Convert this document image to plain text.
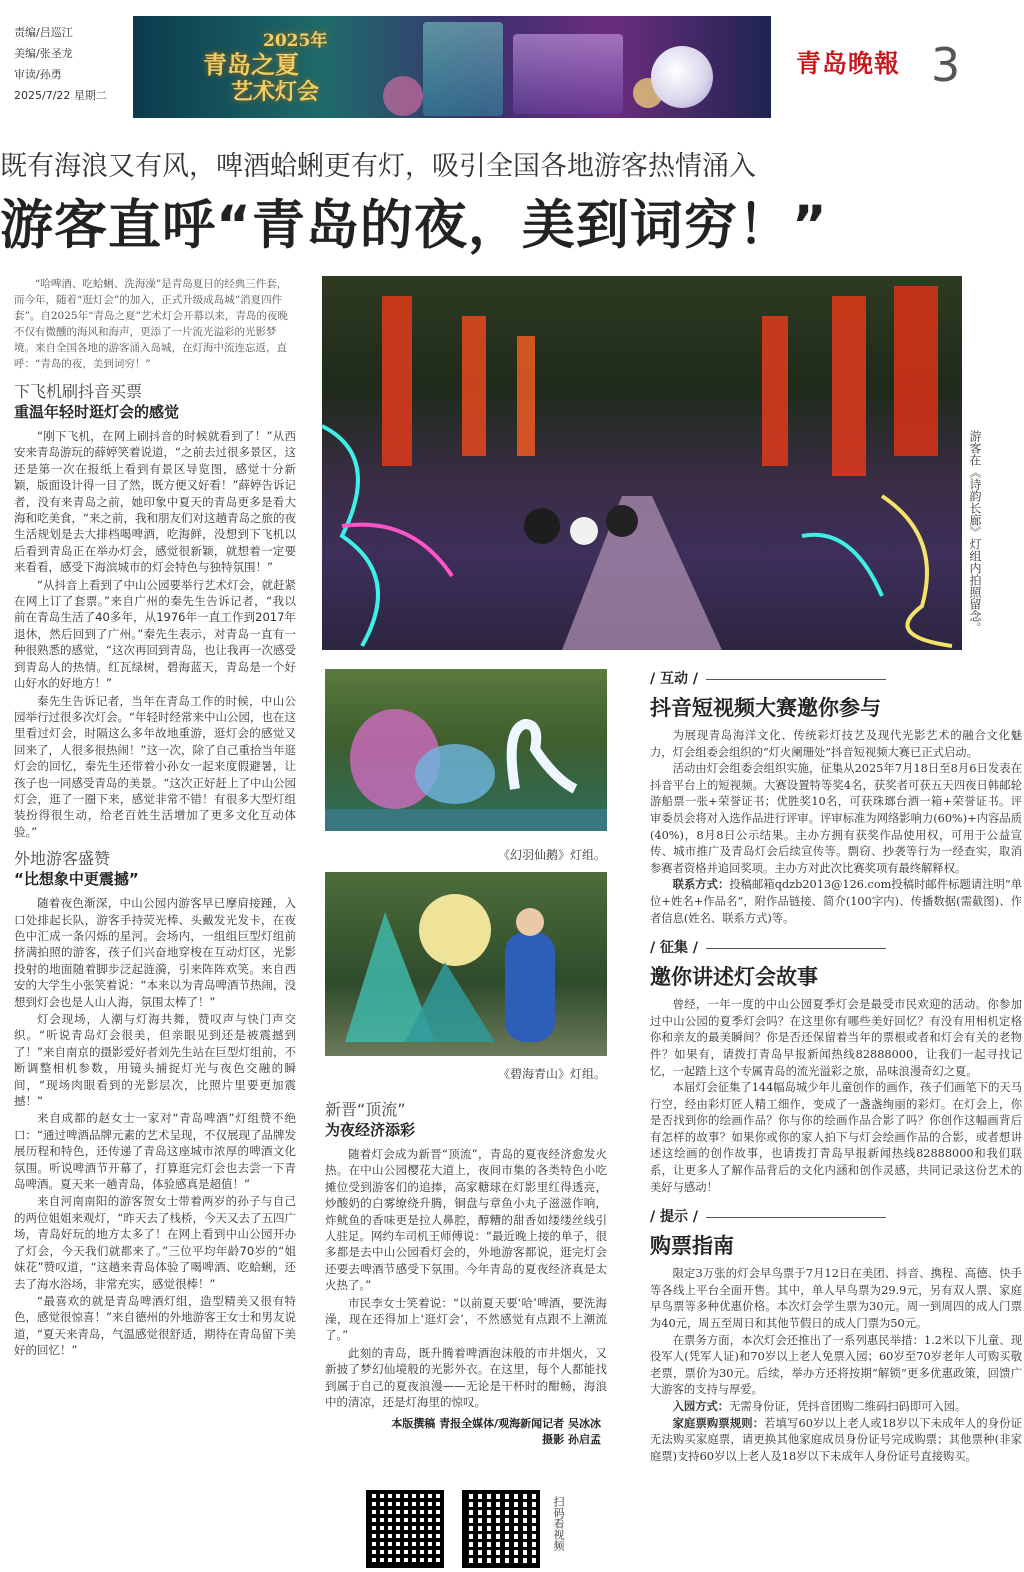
责编/吕巡江
美编/张圣龙
审读/孙勇
2025/7/22 星期二
2025年
青岛之夏
艺术灯会
青岛晚報 3
既有海浪又有风，啤酒蛤蜊更有灯，吸引全国各地游客热情涌入
游客直呼“青岛的夜，美到词穷！”

“哈啤酒、吃蛤蜊、洗海澡”是青岛夏日的经典三件套，而今年，随着“逛灯会”的加入，正式升级成岛城“消夏四件套”。自2025年“青岛之夏”艺术灯会开幕以来，青岛的夜晚不仅有微醺的海风和海声，更添了一片流光溢彩的光影梦境。来自全国各地的游客涌入岛城，在灯海中流连忘返，直呼：“青岛的夜，美到词穷！”

下飞机刷抖音买票
重温年轻时逛灯会的感觉

“刚下飞机，在网上刷抖音的时候就看到了！”从西安来青岛游玩的薛婷笑着说道，“之前去过很多景区，这还是第一次在报纸上看到有景区导览图，感觉十分新颖，版面设计得一目了然，既方便又好看！”薛婷告诉记者，没有来青岛之前，她印象中夏天的青岛更多是看大海和吃美食，“来之前，我和朋友们对这趟青岛之旅的夜生活规划是去大排档喝啤酒，吃海鲜，没想到下飞机以后看到青岛正在举办灯会，感觉很新颖，就想着一定要来看看，感受下海滨城市的灯会特色与独特氛围！”

“从抖音上看到了中山公园要举行艺术灯会，就赶紧在网上订了套票。”来自广州的秦先生告诉记者，“我以前在青岛生活了40多年，从1976年一直工作到2017年退休，然后回到了广州。”秦先生表示，对青岛一直有一种很熟悉的感觉，“这次再回到青岛，也让我再一次感受到青岛人的热情。红瓦绿树，碧海蓝天，青岛是一个好山好水的好地方！”

秦先生告诉记者，当年在青岛工作的时候，中山公园举行过很多次灯会。“年轻时经常来中山公园，也在这里看过灯会，时隔这么多年故地重游，逛灯会的感觉又回来了，人很多很热闹！”这一次，除了自己重拾当年逛灯会的回忆，秦先生还带着小孙女一起来度假避暑，让孩子也一同感受青岛的美景。“这次正好赶上了中山公园灯会，逛了一圈下来，感觉非常不错！有很多大型灯组装扮得很生动，给老百姓生活增加了更多文化互动体验。”

外地游客盛赞
“比想象中更震撼”

随着夜色渐深，中山公园内游客早已摩肩接踵，入口处排起长队，游客手持荧光棒、头戴发光发卡，在夜色中汇成一条闪烁的星河。会场内，一组组巨型灯组前挤满拍照的游客，孩子们兴奋地穿梭在互动灯区，光影投射的地面随着脚步泛起涟漪，引来阵阵欢笑。来自西安的大学生小张笑着说：“本来以为青岛啤酒节热闹，没想到灯会也是人山人海，氛围太棒了！”

灯会现场，人潮与灯海共舞，赞叹声与快门声交织。“听说青岛灯会很美，但亲眼见到还是被震撼到了！”来自南京的摄影爱好者刘先生站在巨型灯组前，不断调整相机参数，用镜头捕捉灯光与夜色交融的瞬间，“现场肉眼看到的光影层次，比照片里要更加震撼！”

来自成都的赵女士一家对“青岛啤酒”灯组赞不绝口：“通过啤酒品牌元素的艺术呈现，不仅展现了品牌发展历程和特色，还传递了青岛这座城市浓厚的啤酒文化氛围。听说啤酒节开幕了，打算逛完灯会也去尝一下青岛啤酒。夏天来一趟青岛，体验感真是超值！”

来自河南南阳的游客贺女士带着两岁的孙子与自己的两位姐姐来观灯，“昨天去了栈桥，今天又去了五四广场，青岛好玩的地方太多了！在网上看到中山公园开办了灯会，今天我们就都来了。”三位平均年龄70岁的“姐妹花”赞叹道，“这趟来青岛体验了喝啤酒、吃蛤蜊，还去了海水浴场，非常充实，感觉很棒！”

“最喜欢的就是青岛啤酒灯组，造型精美又很有特色，感觉很惊喜！”来自德州的外地游客王女士和男友说道，“夏天来青岛，气温感觉很舒适，期待在青岛留下美好的回忆！”

游客在《诗韵长廊》灯组内拍照留念。
《幻羽仙鹅》灯组。
《碧海青山》灯组。
新晋“顶流”
为夜经济添彩

随着灯会成为新晋“顶流”，青岛的夏夜经济愈发火热。在中山公园樱花大道上，夜间市集的各类特色小吃摊位受到游客们的追捧，高家糖球在灯影里红得透亮，炒酸奶的白雾缭绕升腾，铜盘与章鱼小丸子滋滋作响，炸鱿鱼的香味更是拉人鼻腔，醇糟的甜香如缕缕丝线引人驻足。网约车司机王师傅说：“最近晚上接的单子，很多都是去中山公园看灯会的，外地游客都说，逛完灯会还要去啤酒节感受下氛围。今年青岛的夏夜经济真是太火热了。”

市民李女士笑着说：“以前夏天要‘哈’啤酒，要洗海澡，现在还得加上‘逛灯会’，不然感觉有点跟不上潮流了。”

此刻的青岛，既升腾着啤酒泡沫般的市井烟火，又新披了梦幻仙境般的光影外衣。在这里，每个人都能找到属于自己的夏夜浪漫——无论是干杯时的酣畅，海浪中的清凉，还是灯海里的惊叹。

本版撰稿 青报全媒体/观海新闻记者 吴冰冰
摄影 孙启孟
扫码看视频
/ 互动 /
抖音短视频大赛邀你参与

为展现青岛海洋文化、传统彩灯技艺及现代光影艺术的融合文化魅力，灯会组委会组织的“灯火阑珊处”抖音短视频大赛已正式启动。

活动由灯会组委会组织实施，征集从2025年7月18日至8月6日发表在抖音平台上的短视频。大赛设置特等奖4名，获奖者可获五天四夜日韩邮轮游船票一张+荣誉证书；优胜奖10名，可获珠瑯台酒一箱+荣誉证书。评审委员会将对入选作品进行评审。评审标准为网络影响力(60%)+内容品质(40%)，8月8日公示结果。主办方拥有获奖作品使用权，可用于公益宣传、城市推广及青岛灯会后续宣传等。剽窃、抄袭等行为一经查实，取消参赛者资格并追回奖项。主办方对此次比赛奖项有最终解释权。

联系方式：投稿邮箱qdzb2013@126.com投稿时邮件标题请注明“单位+姓名+作品名”，附作品链接、简介(100字内)、传播数据(需截图)、作者信息(姓名、联系方式)等。

/ 征集 /
邀你讲述灯会故事

曾经，一年一度的中山公园夏季灯会是最受市民欢迎的活动。你参加过中山公园的夏季灯会吗？在这里你有哪些美好回忆？有没有用相机定格你和亲友的最美瞬间？你是否还保留着当年的票根或者和灯会有关的老物件？如果有，请拨打青岛早报新闻热线82888000，让我们一起寻找记忆，一起踏上这个专属青岛的流光溢彩之旅，品味浪漫奇幻之夏。

本届灯会征集了144幅岛城少年儿童创作的画作，孩子们画笔下的天马行空，经由彩灯匠人精工细作，变成了一盏盏绚丽的彩灯。在灯会上，你是否找到你的绘画作品？你与你的绘画作品合影了吗？你创作这幅画背后有怎样的故事？如果你或你的家人拍下与灯会绘画作品的合影，或者想讲述这绘画的创作故事，也请拨打青岛早报新闻热线82888000和我们联系，让更多人了解作品背后的文化内涵和创作灵感，共同记录这份艺术的美好与感动！

/ 提示 /
购票指南

限定3万张的灯会早鸟票于7月12日在美团、抖音、携程、高德、快手等各线上平台全面开售。其中，单人早鸟票为29.9元，另有双人票、家庭早鸟票等多种优惠价格。本次灯会学生票为30元。周一到周四的成人门票为40元，周五至周日和其他节假日的成人门票为50元。

在票务方面，本次灯会还推出了一系列惠民举措：1.2米以下儿童、现役军人(凭军人证)和70岁以上老人免票入园；60岁至70岁老年人可购买敬老票，票价为30元。后续，举办方还将按期“解锁”更多优惠政策，回馈广大游客的支持与厚爱。

入园方式：无需身份证，凭抖音团购二维码扫码即可入园。

家庭票购票规则：若填写60岁以上老人或18岁以下未成年人的身份证无法购买家庭票，请更换其他家庭成员身份证号完成购票；其他票种(非家庭票)支持60岁以上老人及18岁以下未成年人身份证号直接购买。
